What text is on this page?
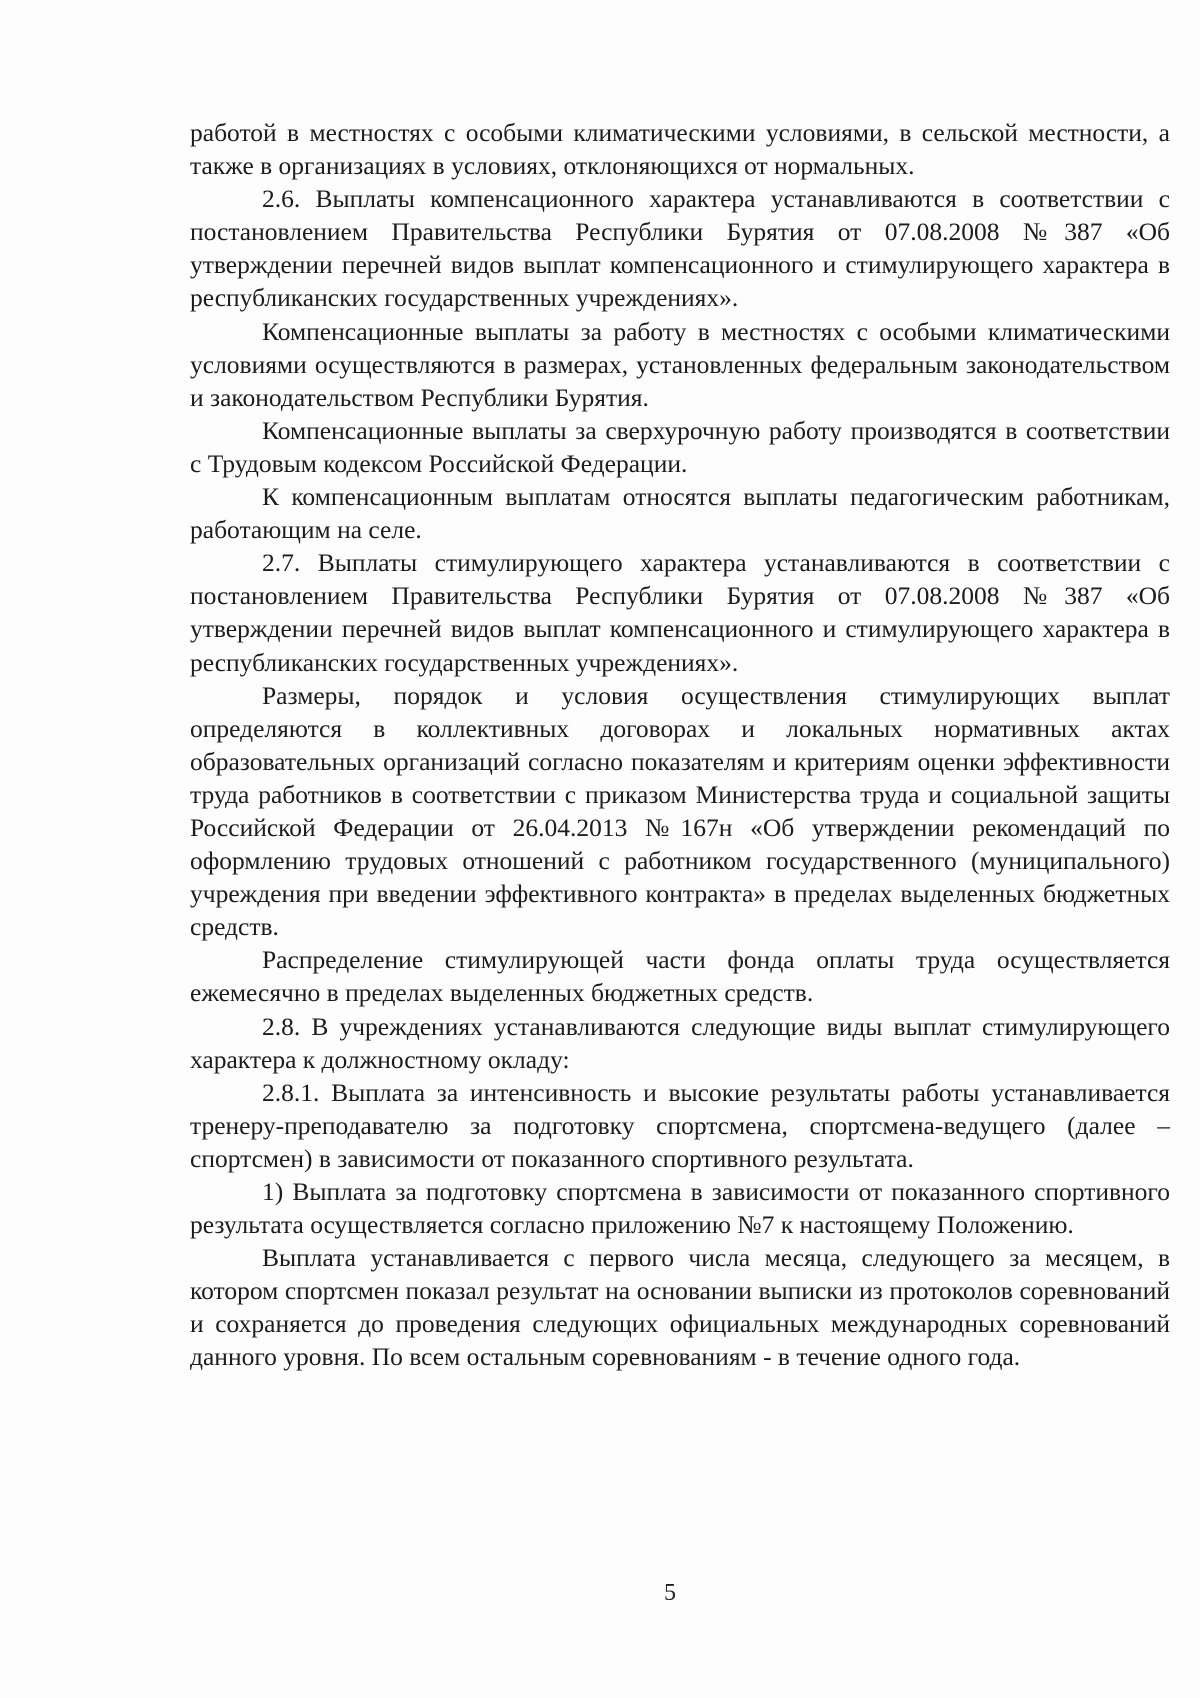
работой в местностях с особыми климатическими условиями, в сельской местности, а также в организациях в условиях, отклоняющихся от нормальных.

2.6. Выплаты компенсационного характера устанавливаются в соответствии с постановлением Правительства Республики Бурятия от 07.08.2008 №387 «Об утверждении перечней видов выплат компенсационного и стимулирующего характера в республиканских государственных учреждениях».

Компенсационные выплаты за работу в местностях с особыми климатическими условиями осуществляются в размерах, установленных федеральным законодательством и законодательством Республики Бурятия.

Компенсационные выплаты за сверхурочную работу производятся в соответствии с Трудовым кодексом Российской Федерации.

К компенсационным выплатам относятся выплаты педагогическим работникам, работающим на селе.

2.7. Выплаты стимулирующего характера устанавливаются в соответствии с постановлением Правительства Республики Бурятия от 07.08.2008 №387 «Об утверждении перечней видов выплат компенсационного и стимулирующего характера в республиканских государственных учреждениях».

Размеры, порядок и условия осуществления стимулирующих выплат определяются в коллективных договорах и локальных нормативных актах образовательных организаций согласно показателям и критериям оценки эффективности труда работников в соответствии с приказом Министерства труда и социальной защиты Российской Федерации от 26.04.2013 №167н «Об утверждении рекомендаций по оформлению трудовых отношений с работником государственного (муниципального) учреждения при введении эффективного контракта» в пределах выделенных бюджетных средств.

Распределение стимулирующей части фонда оплаты труда осуществляется ежемесячно в пределах выделенных бюджетных средств.

2.8. В учреждениях устанавливаются следующие виды выплат стимулирующего характера к должностному окладу:

2.8.1. Выплата за интенсивность и высокие результаты работы устанавливается тренеру-преподавателю за подготовку спортсмена, спортсмена-ведущего (далее – спортсмен) в зависимости от показанного спортивного результата.

1) Выплата за подготовку спортсмена в зависимости от показанного спортивного результата осуществляется согласно приложению №7 к настоящему Положению.

Выплата устанавливается с первого числа месяца, следующего за месяцем, в котором спортсмен показал результат на основании выписки из протоколов соревнований и сохраняется до проведения следующих официальных международных соревнований данного уровня. По всем остальным соревнованиям - в течение одного года.

5
